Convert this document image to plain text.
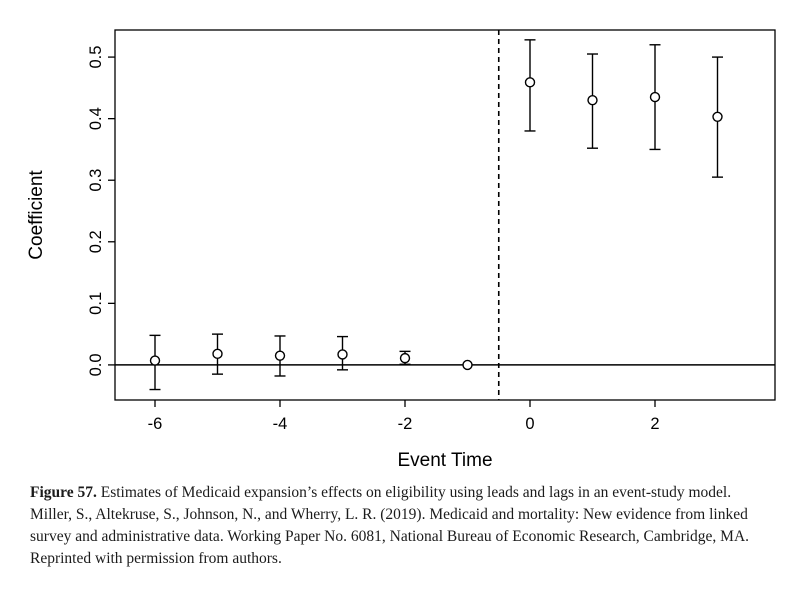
-6	-4	-2	0	2
0.0
0.1
0.2
0.3
0.4
0.5
Event Time
Coefficient

Figure 57. Estimates of Medicaid expansion’s effects on eligibility using leads and lags in an event-study model. Miller, S., Altekruse, S., Johnson, N., and Wherry, L. R. (2019). Medicaid and mortality: New evidence from linked survey and administrative data. Working Paper No. 6081, National Bureau of Economic Research, Cambridge, MA. Reprinted with permission from authors.
